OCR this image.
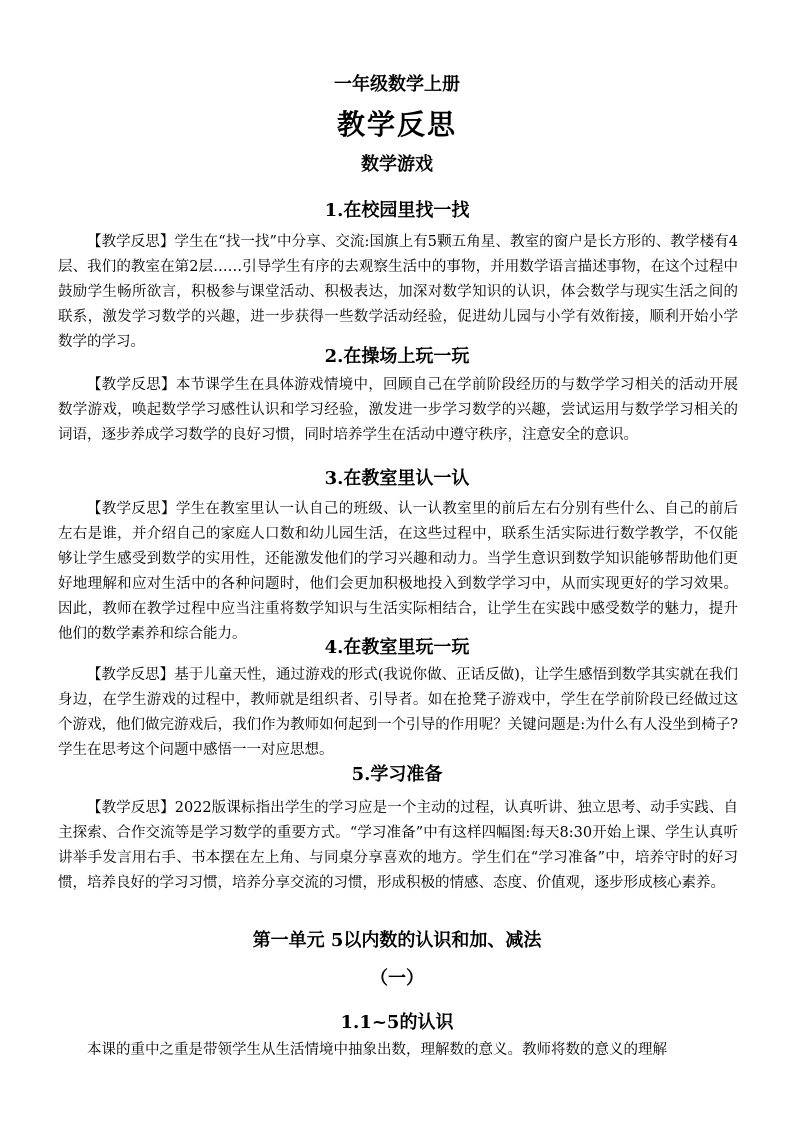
一年级数学上册
教学反思
数学游戏
1.在校园里找一找
【教学反思】学生在“找一找”中分享、交流:国旗上有5颗五角星、教室的窗户是长方形的、教学楼有4层、我们的教室在第2层……引导学生有序的去观察生活中的事物，并用数学语言描述事物，在这个过程中鼓励学生畅所欲言，积极参与课堂活动、积极表达，加深对数学知识的认识，体会数学与现实生活之间的联系，激发学习数学的兴趣，进一步获得一些数学活动经验，促进幼儿园与小学有效衔接，顺利开始小学数学的学习。
2.在操场上玩一玩
【教学反思】本节课学生在具体游戏情境中，回顾自己在学前阶段经历的与数学学习相关的活动开展数学游戏，唤起数学学习感性认识和学习经验，激发进一步学习数学的兴趣，尝试运用与数学学习相关的词语，逐步养成学习数学的良好习惯，同时培养学生在活动中遵守秩序，注意安全的意识。
3.在教室里认一认
【教学反思】学生在教室里认一认自己的班级、认一认教室里的前后左右分别有些什么、自己的前后左右是谁，并介绍自己的家庭人口数和幼儿园生活，在这些过程中，联系生活实际进行数学教学，不仅能够让学生感受到数学的实用性，还能激发他们的学习兴趣和动力。当学生意识到数学知识能够帮助他们更好地理解和应对生活中的各种问题时，他们会更加积极地投入到数学学习中，从而实现更好的学习效果。因此，教师在教学过程中应当注重将数学知识与生活实际相结合，让学生在实践中感受数学的魅力，提升他们的数学素养和综合能力。
4.在教室里玩一玩
【教学反思】基于儿童天性，通过游戏的形式(我说你做、正话反做)，让学生感悟到数学其实就在我们身边，在学生游戏的过程中，教师就是组织者、引导者。如在抢凳子游戏中，学生在学前阶段已经做过这个游戏，他们做完游戏后，我们作为教师如何起到一个引导的作用呢？关键问题是:为什么有人没坐到椅子?学生在思考这个问题中感悟一一对应思想。
5.学习准备
【教学反思】2022版课标指出学生的学习应是一个主动的过程，认真听讲、独立思考、动手实践、自主探索、合作交流等是学习数学的重要方式。“学习准备”中有这样四幅图:每天8:30开始上课、学生认真听讲举手发言用右手、书本摆在左上角、与同桌分享喜欢的地方。学生们在“学习准备”中，培养守时的好习惯，培养良好的学习习惯，培养分享交流的习惯，形成积极的情感、态度、价值观，逐步形成核心素养。
第一单元 5以内数的认识和加、减法
（一）
1.1~5的认识
本课的重中之重是带领学生从生活情境中抽象出数，理解数的意义。教师将数的意义的理解
